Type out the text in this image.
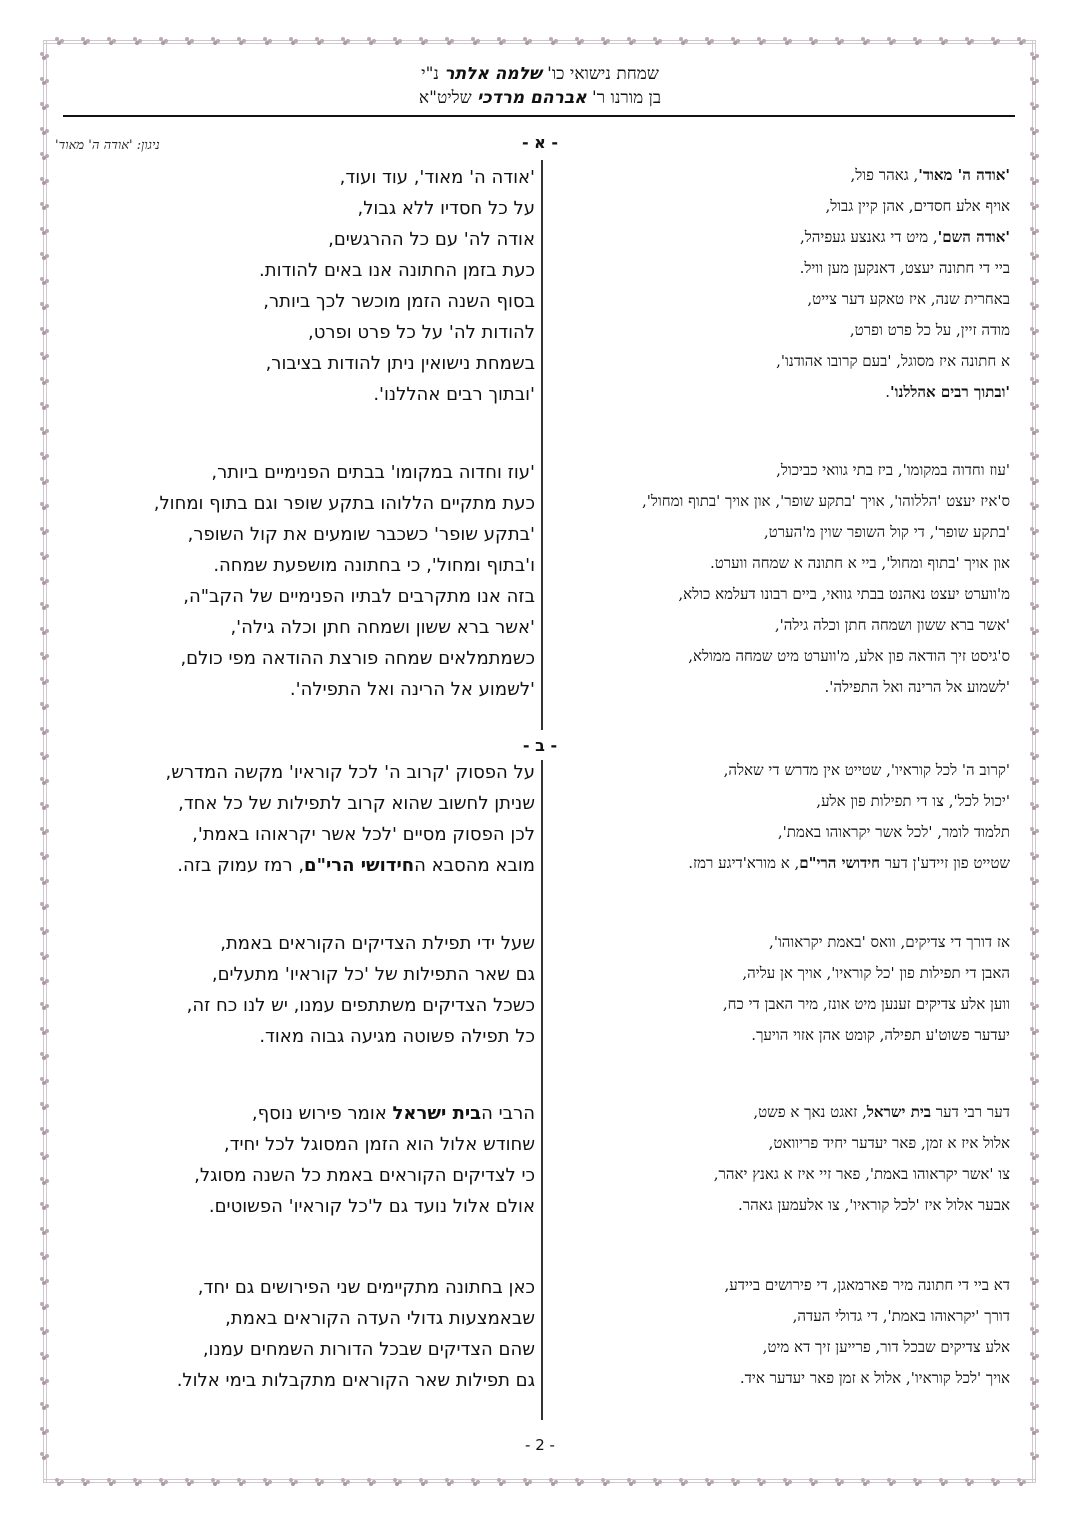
שמחת נישואי כו' שלמה אלתר נ"י
בן מורנו ר' אברהם מרדכי שליט"א
- א -
ניגון: 'אודה ה' מאוד'
- ב -
'אודה ה' מאוד', גאהר פול,
אויף אלע חסדים, אהן קיין גבול,
'אודה השם', מיט די גאנצע געפיהל,
ביי די חתונה יעצט, דאנקען מען וויל.
באחרית שנה, איז טאקע דער צייט,
מודה זיין, על כל פרט ופרט,
א חתונה איז מסוגל, 'בעם קרובו אהודנו',
'ובתוך רבים אהללנו'.
'עוז וחדוה במקומו', ביז בתי גוואי כביכול,
ס'איז יעצט 'הללוהו', אויך 'בתקע שופר', און אויך 'בתוף ומחול',
'בתקע שופר', די קול השופר שוין מ'הערט,
און אויך 'בתוף ומחול', ביי א חתונה א שמחה ווערט.
מ'ווערט יעצט נאהנט בבתי גוואי, ביים רבונו דעלמא כולא,
'אשר ברא ששון ושמחה חתן וכלה גילה',
ס'גיסט זיך הודאה פון אלע, מ'ווערט מיט שמחה ממולא,
'לשמוע אל הרינה ואל התפילה'.
'קרוב ה' לכל קוראיו', שטייט אין מדרש די שאלה,
'יכול לכל', צו די תפילות פון אלע,
תלמוד לומר, 'לכל אשר יקראוהו באמת',
שטייט פון זיידע'ן דער חידושי הרי"ם, א מורא'דיגע רמז.
אז דורך די צדיקים, וואס 'באמת יקראוהו',
האבן די תפילות פון 'כל קוראיו', אויך אן עליה,
ווען אלע צדיקים זענען מיט אונז, מיר האבן די כח,
יעדער פשוט'ע תפילה, קומט אהן אזוי הויעך.
דער רבי דער בית ישראל, זאגט נאך א פשט,
אלול איז א זמן, פאר יעדער יחיד פריוואט,
צו 'אשר יקראוהו באמת', פאר זיי איז א גאנץ יאהר,
אבער אלול איז 'לכל קוראיו', צו אלעמען גאהר.
דא ביי די חתונה מיר פארמאגן, די פירושים ביידע,
דורך 'יקראוהו באמת', די גדולי העדה,
אלע צדיקים שבכל דור, פרייען זיך דא מיט,
אויך 'לכל קוראיו', אלול א זמן פאר יעדער איד.
'אודה ה' מאוד', עוד ועוד,
על כל חסדיו ללא גבול,
אודה לה' עם כל ההרגשים,
כעת בזמן החתונה אנו באים להודות.
בסוף השנה הזמן מוכשר לכך ביותר,
להודות לה' על כל פרט ופרט,
בשמחת נישואין ניתן להודות בציבור,
'ובתוך רבים אהללנו'.
'עוז וחדוה במקומו' בבתים הפנימיים ביותר,
כעת מתקיים הללוהו בתקע שופר וגם בתוף ומחול,
'בתקע שופר' כשכבר שומעים את קול השופר,
ו'בתוף ומחול', כי בחתונה מושפעת שמחה.
בזה אנו מתקרבים לבתיו הפנימיים של הקב"ה,
'אשר ברא ששון ושמחה חתן וכלה גילה',
כשמתמלאים שמחה פורצת ההודאה מפי כולם,
'לשמוע אל הרינה ואל התפילה'.
על הפסוק 'קרוב ה' לכל קוראיו' מקשה המדרש,
שניתן לחשוב שהוא קרוב לתפילות של כל אחד,
לכן הפסוק מסיים 'לכל אשר יקראוהו באמת',
מובא מהסבא החידושי הרי"ם, רמז עמוק בזה.
שעל ידי תפילת הצדיקים הקוראים באמת,
גם שאר התפילות של 'כל קוראיו' מתעלים,
כשכל הצדיקים משתתפים עמנו, יש לנו כח זה,
כל תפילה פשוטה מגיעה גבוה מאוד.
הרבי הבית ישראל אומר פירוש נוסף,
שחודש אלול הוא הזמן המסוגל לכל יחיד,
כי לצדיקים הקוראים באמת כל השנה מסוגל,
אולם אלול נועד גם ל'כל קוראיו' הפשוטים.
כאן בחתונה מתקיימים שני הפירושים גם יחד,
שבאמצעות גדולי העדה הקוראים באמת,
שהם הצדיקים שבכל הדורות השמחים עמנו,
גם תפילות שאר הקוראים מתקבלות בימי אלול.
- 2 -
